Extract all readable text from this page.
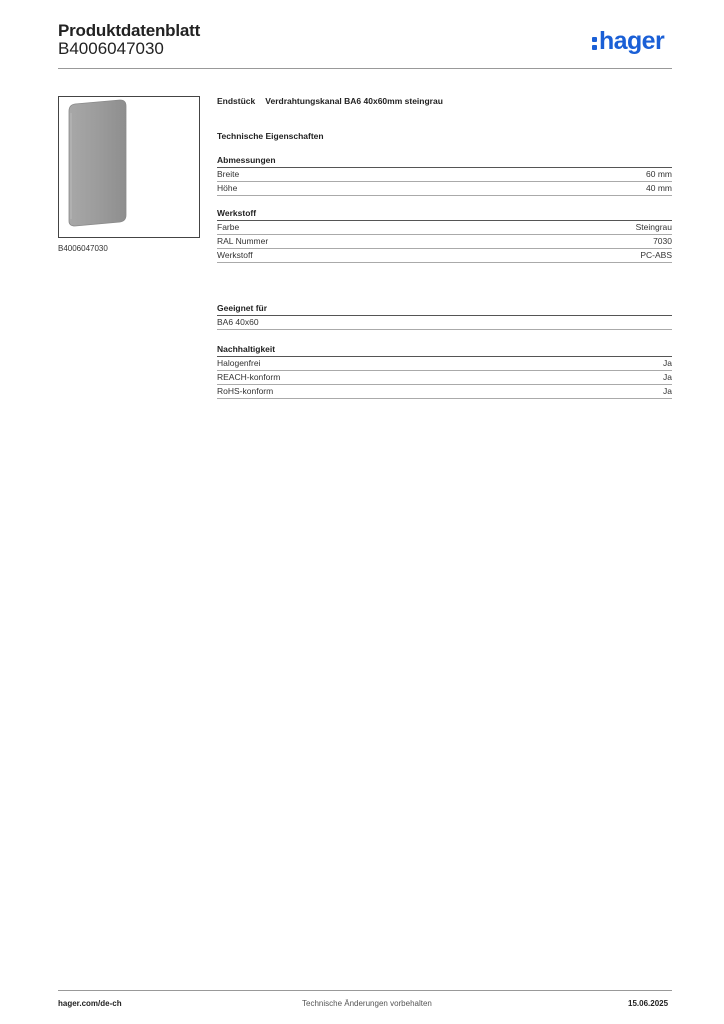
Produktdatenblatt
B4006047030	hager
B4006047030
Endstück Verdrahtungskanal BA6 40x60mm steingrau
Technische Eigenschaften
Abmessungen
Breite	60 mm
Höhe	40 mm
Werkstoff
Farbe	Steingrau
RAL Nummer	7030
Werkstoff	PC-ABS
Geeignet für
BA6 40x60
Nachhaltigkeit
Halogenfrei	Ja
REACH-konform	Ja
RoHS-konform	Ja
hager.com/de-ch	Technische Änderungen vorbehalten	15.06.2025
